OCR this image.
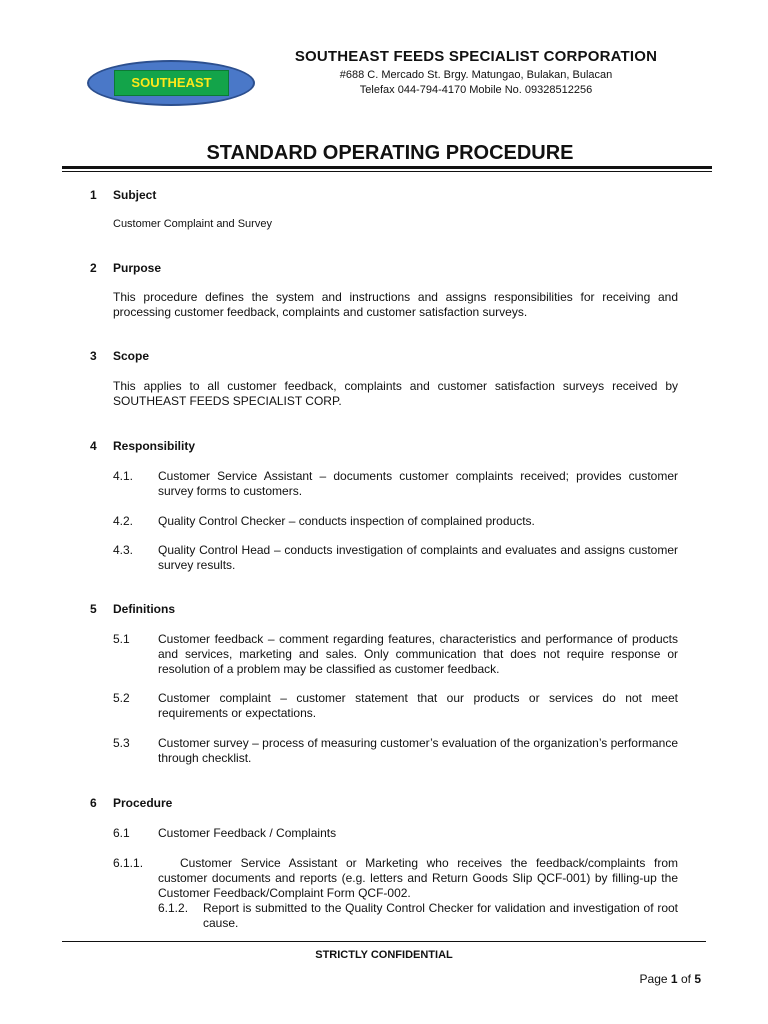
SOUTHEAST
SOUTHEAST FEEDS SPECIALIST CORPORATION
#688 C. Mercado St. Brgy. Matungao, Bulakan, Bulacan
Telefax 044-794-4170 Mobile No. 09328512256
STANDARD OPERATING PROCEDURE
1 Subject
Customer Complaint and Survey
2 Purpose
This procedure defines the system and instructions and assigns responsibilities for receiving and processing customer feedback, complaints and customer satisfaction surveys.
3 Scope
This applies to all customer feedback, complaints and customer satisfaction surveys received by SOUTHEAST FEEDS SPECIALIST CORP.
4 Responsibility
4.1. Customer Service Assistant – documents customer complaints received; provides customer survey forms to customers.
4.2. Quality Control Checker – conducts inspection of complained products.
4.3. Quality Control Head – conducts investigation of complaints and evaluates and assigns customer survey results.
5 Definitions
5.1 Customer feedback – comment regarding features, characteristics and performance of products and services, marketing and sales. Only communication that does not require response or resolution of a problem may be classified as customer feedback.
5.2 Customer complaint – customer statement that our products or services do not meet requirements or expectations.
5.3 Customer survey – process of measuring customer’s evaluation of the organization’s performance through checklist.
6 Procedure
6.1 Customer Feedback / Complaints
6.1.1.	Customer Service Assistant or Marketing who receives the feedback/complaints from customer documents and reports (e.g. letters and Return Goods Slip QCF-001) by filling-up the Customer Feedback/Complaint Form QCF-002.
6.1.2. Report is submitted to the Quality Control Checker for validation and investigation of root cause.
STRICTLY CONFIDENTIAL
Page 1 of 5
